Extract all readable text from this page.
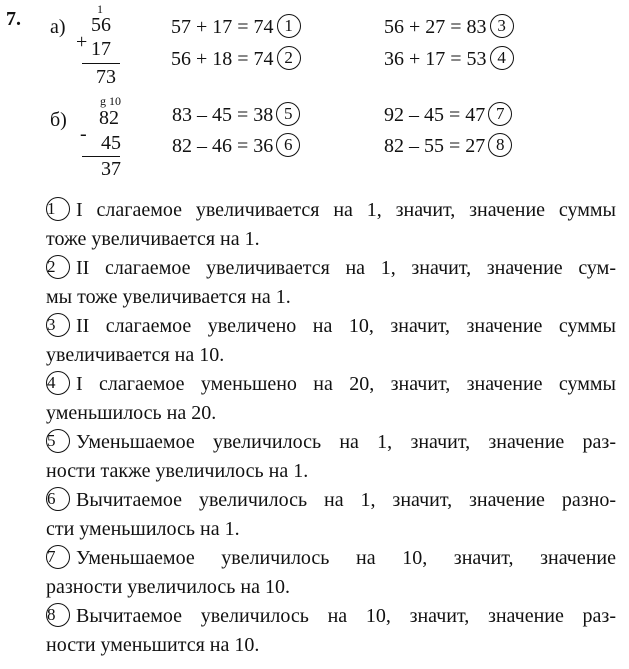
7. а)
1
56
+ 17
73
57 + 17 = 74 1
56 + 18 = 74 2
56 + 27 = 83 3
36 + 17 = 53 4
б)
g 10
82
- 45
37
83 – 45 = 38 5
82 – 46 = 36 6
92 – 45 = 47 7
82 – 55 = 27 8
1 I слагаемое увеличивается на 1, значит, значение суммы
тоже увеличивается на 1.
2 II слагаемое увеличивается на 1, значит, значение сум-
мы тоже увеличивается на 1.
3 II слагаемое увеличено на 10, значит, значение суммы
увеличивается на 10.
4 I слагаемое уменьшено на 20, значит, значение суммы
уменьшилось на 20.
5 Уменьшаемое увеличилось на 1, значит, значение раз-
ности также увеличилось на 1.
6 Вычитаемое увеличилось на 1, значит, значение разно-
сти уменьшилось на 1.
7 Уменьшаемое увеличилось на 10, значит, значение
разности увеличилось на 10.
8 Вычитаемое увеличилось на 10, значит, значение раз-
ности уменьшится на 10.
